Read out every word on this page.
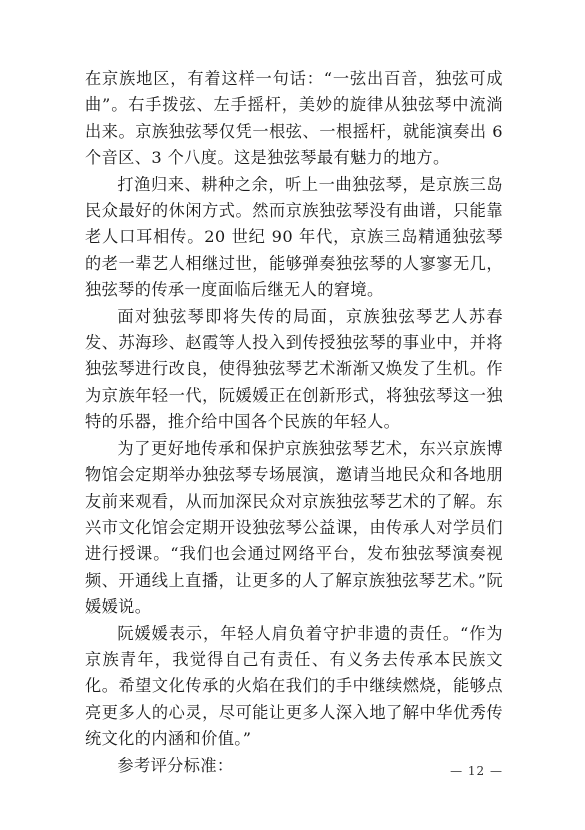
在京族地区，有着这样一句话：“一弦出百音，独弦可成曲”。右手拨弦、左手摇杆，美妙的旋律从独弦琴中流淌出来。京族独弦琴仅凭一根弦、一根摇杆，就能演奏出 6 个音区、3 个八度。这是独弦琴最有魅力的地方。

打渔归来、耕种之余，听上一曲独弦琴，是京族三岛民众最好的休闲方式。然而京族独弦琴没有曲谱，只能靠老人口耳相传。20 世纪 90 年代，京族三岛精通独弦琴的老一辈艺人相继过世，能够弹奏独弦琴的人寥寥无几，独弦琴的传承一度面临后继无人的窘境。

面对独弦琴即将失传的局面，京族独弦琴艺人苏春发、苏海珍、赵霞等人投入到传授独弦琴的事业中，并将独弦琴进行改良，使得独弦琴艺术渐渐又焕发了生机。作为京族年轻一代，阮媛媛正在创新形式，将独弦琴这一独特的乐器，推介给中国各个民族的年轻人。

为了更好地传承和保护京族独弦琴艺术，东兴京族博物馆会定期举办独弦琴专场展演，邀请当地民众和各地朋友前来观看，从而加深民众对京族独弦琴艺术的了解。东兴市文化馆会定期开设独弦琴公益课，由传承人对学员们进行授课。“我们也会通过网络平台，发布独弦琴演奏视频、开通线上直播，让更多的人了解京族独弦琴艺术。”阮媛媛说。

阮媛媛表示，年轻人肩负着守护非遗的责任。“作为京族青年，我觉得自己有责任、有义务去传承本民族文化。希望文化传承的火焰在我们的手中继续燃烧，能够点亮更多人的心灵，尽可能让更多人深入地了解中华优秀传统文化的内涵和价值。”

参考评分标准：	— 12 —
